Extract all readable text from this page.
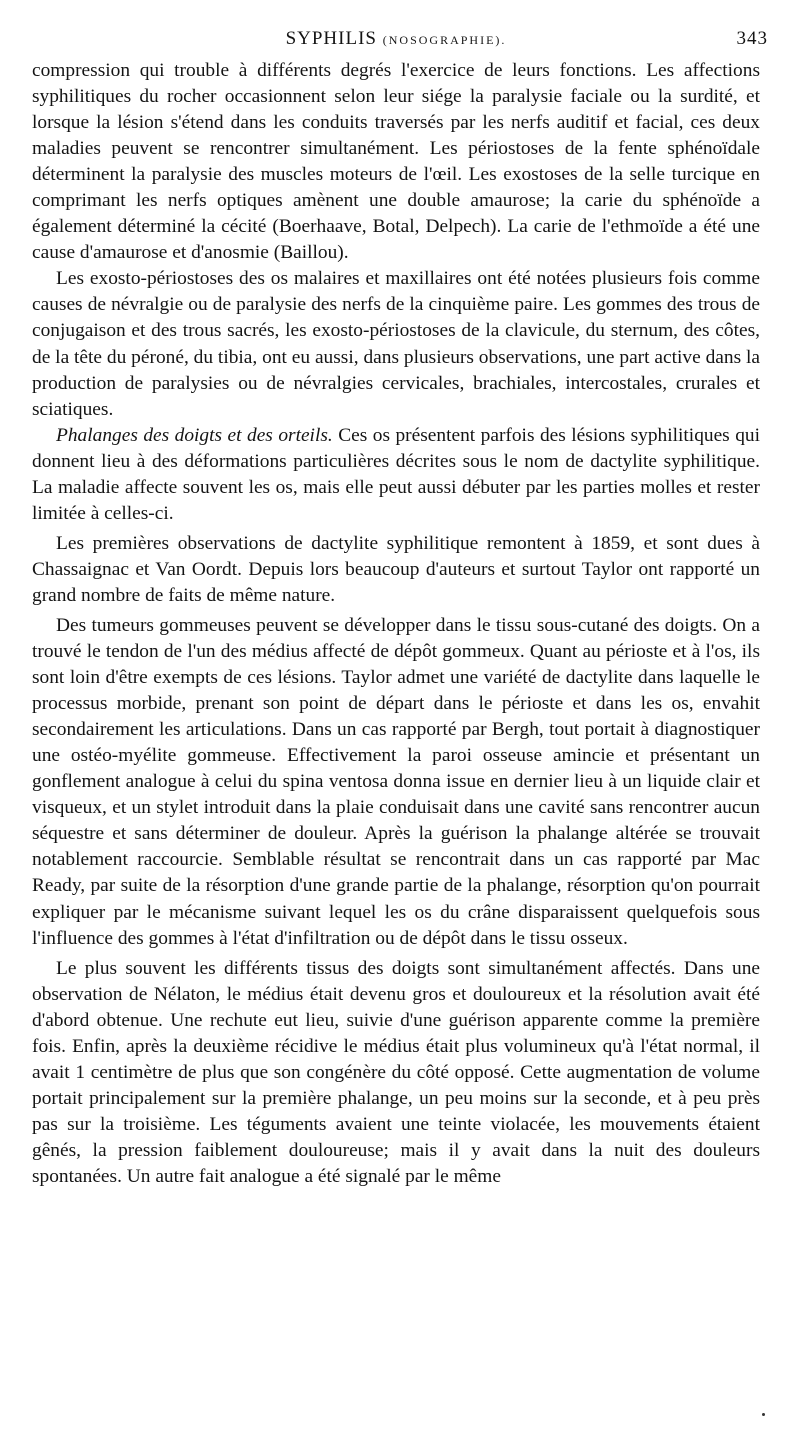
SYPHILIS (NOSOGRAPHIE).	343

compression qui trouble à différents degrés l'exercice de leurs fonctions. Les affections syphilitiques du rocher occasionnent selon leur siége la paralysie faciale ou la surdité, et lorsque la lésion s'étend dans les conduits traversés par les nerfs auditif et facial, ces deux maladies peuvent se rencontrer simultanément. Les périostoses de la fente sphénoïdale déterminent la paralysie des muscles moteurs de l'œil. Les exostoses de la selle turcique en comprimant les nerfs optiques amènent une double amaurose; la carie du sphénoïde a également déterminé la cécité (Boerhaave, Botal, Delpech). La carie de l'ethmoïde a été une cause d'amaurose et d'anosmie (Baillou).

Les exosto-périostoses des os malaires et maxillaires ont été notées plusieurs fois comme causes de névralgie ou de paralysie des nerfs de la cinquième paire. Les gommes des trous de conjugaison et des trous sacrés, les exosto-périostoses de la clavicule, du sternum, des côtes, de la tête du péroné, du tibia, ont eu aussi, dans plusieurs observations, une part active dans la production de paralysies ou de névralgies cervicales, brachiales, intercostales, crurales et sciatiques.

Phalanges des doigts et des orteils. Ces os présentent parfois des lésions syphilitiques qui donnent lieu à des déformations particulières décrites sous le nom de dactylite syphilitique. La maladie affecte souvent les os, mais elle peut aussi débuter par les parties molles et rester limitée à celles-ci.

Les premières observations de dactylite syphilitique remontent à 1859, et sont dues à Chassaignac et Van Oordt. Depuis lors beaucoup d'auteurs et surtout Taylor ont rapporté un grand nombre de faits de même nature.

Des tumeurs gommeuses peuvent se développer dans le tissu sous-cutané des doigts. On a trouvé le tendon de l'un des médius affecté de dépôt gommeux. Quant au périoste et à l'os, ils sont loin d'être exempts de ces lésions. Taylor admet une variété de dactylite dans laquelle le processus morbide, prenant son point de départ dans le périoste et dans les os, envahit secondairement les articulations. Dans un cas rapporté par Bergh, tout portait à diagnostiquer une ostéo-myélite gommeuse. Effectivement la paroi osseuse amincie et présentant un gonflement analogue à celui du spina ventosa donna issue en dernier lieu à un liquide clair et visqueux, et un stylet introduit dans la plaie conduisait dans une cavité sans rencontrer aucun séquestre et sans déterminer de douleur. Après la guérison la phalange altérée se trouvait notablement raccourcie. Semblable résultat se rencontrait dans un cas rapporté par Mac Ready, par suite de la résorption d'une grande partie de la phalange, résorption qu'on pourrait expliquer par le mécanisme suivant lequel les os du crâne disparaissent quelquefois sous l'influence des gommes à l'état d'infiltration ou de dépôt dans le tissu osseux.

Le plus souvent les différents tissus des doigts sont simultanément affectés. Dans une observation de Nélaton, le médius était devenu gros et douloureux et la résolution avait été d'abord obtenue. Une rechute eut lieu, suivie d'une guérison apparente comme la première fois. Enfin, après la deuxième récidive le médius était plus volumineux qu'à l'état normal, il avait 1 centimètre de plus que son congénère du côté opposé. Cette augmentation de volume portait principalement sur la première phalange, un peu moins sur la seconde, et à peu près pas sur la troisième. Les téguments avaient une teinte violacée, les mouvements étaient gênés, la pression faiblement douloureuse; mais il y avait dans la nuit des douleurs spontanées. Un autre fait analogue a été signalé par le même
